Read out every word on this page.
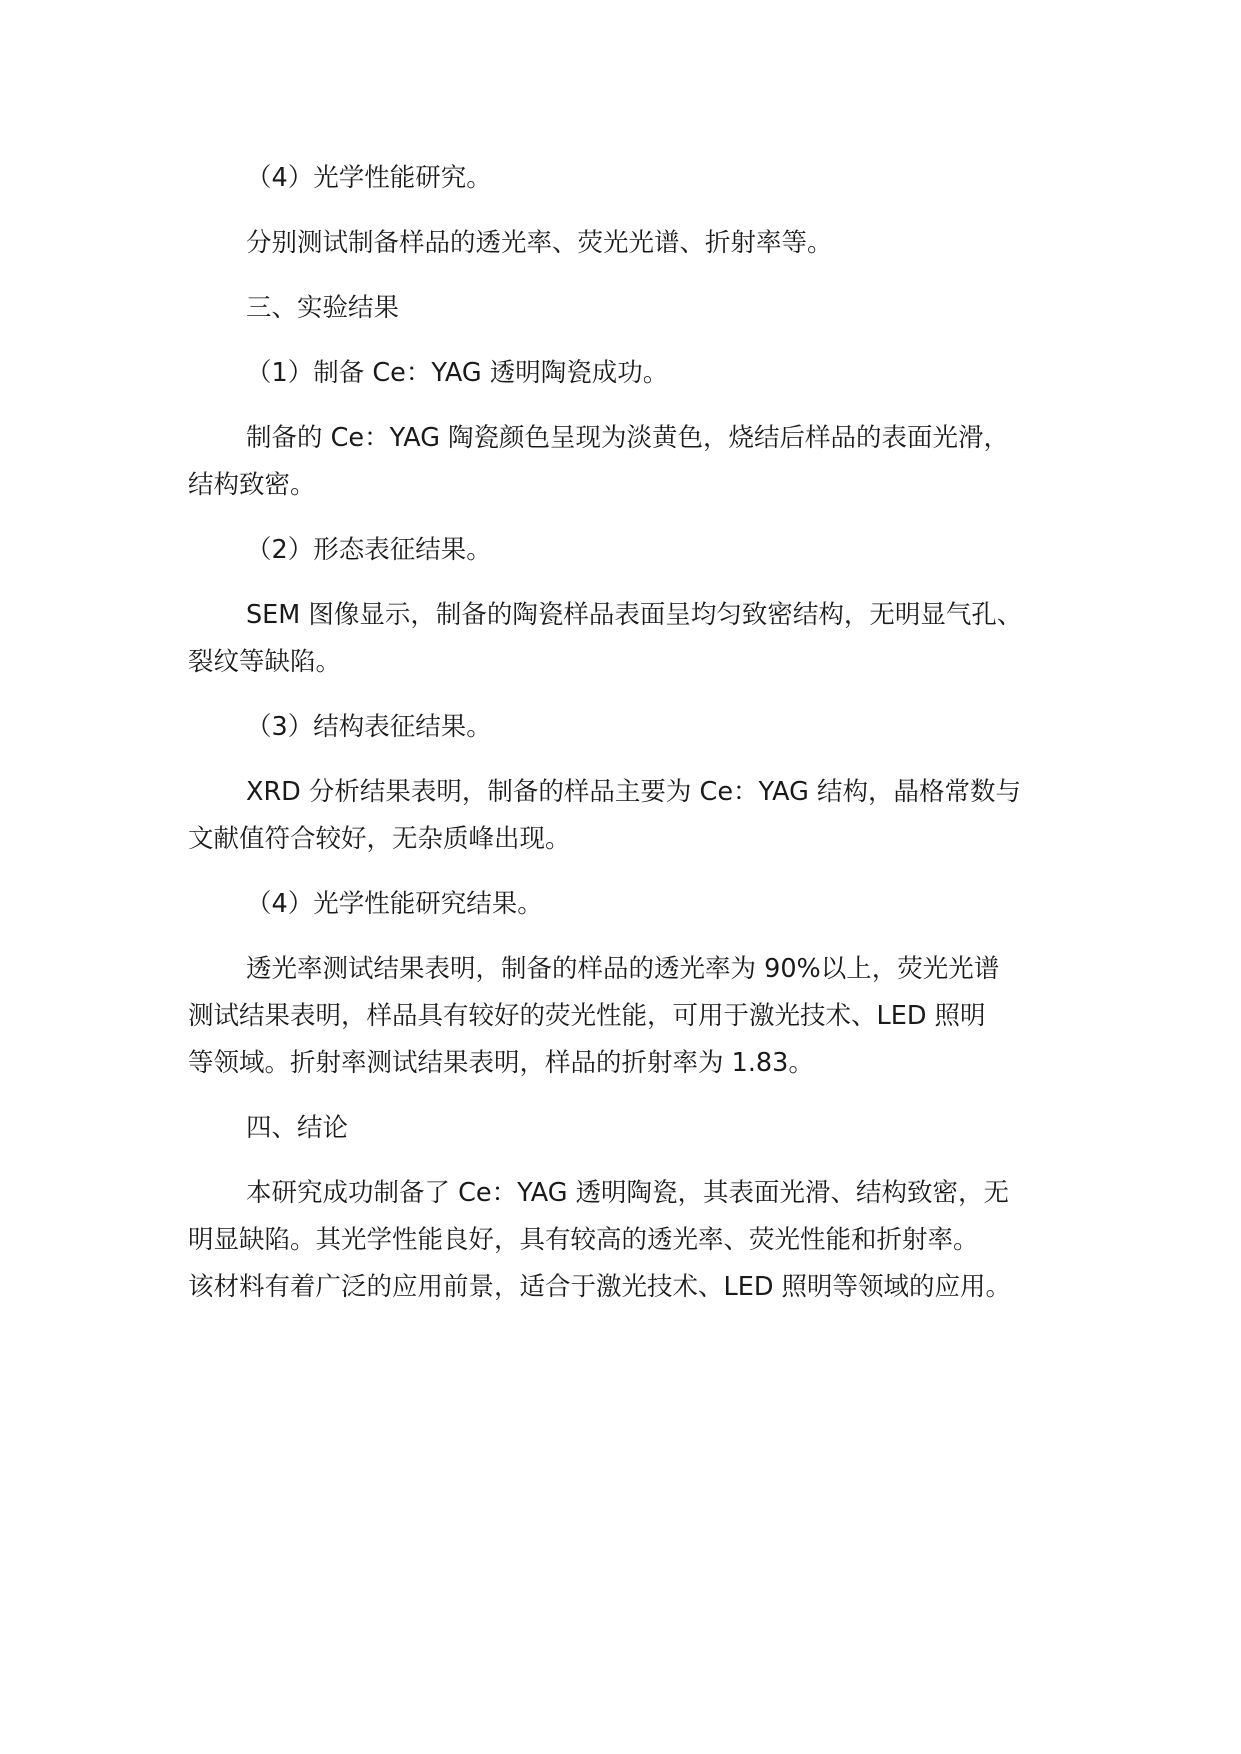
（4）光学性能研究。

分别测试制备样品的透光率、荧光光谱、折射率等。

三、实验结果

（1）制备 Ce：YAG 透明陶瓷成功。

制备的 Ce：YAG 陶瓷颜色呈现为淡黄色，烧结后样品的表面光滑，
结构致密。

（2）形态表征结果。

SEM 图像显示，制备的陶瓷样品表面呈均匀致密结构，无明显气孔、
裂纹等缺陷。

（3）结构表征结果。

XRD 分析结果表明，制备的样品主要为 Ce：YAG 结构，晶格常数与
文献值符合较好，无杂质峰出现。

（4）光学性能研究结果。

透光率测试结果表明，制备的样品的透光率为 90%以上，荧光光谱
测试结果表明，样品具有较好的荧光性能，可用于激光技术、LED 照明
等领域。折射率测试结果表明，样品的折射率为 1.83。

四、结论

本研究成功制备了 Ce：YAG 透明陶瓷，其表面光滑、结构致密，无
明显缺陷。其光学性能良好，具有较高的透光率、荧光性能和折射率。
该材料有着广泛的应用前景，适合于激光技术、LED 照明等领域的应用。
